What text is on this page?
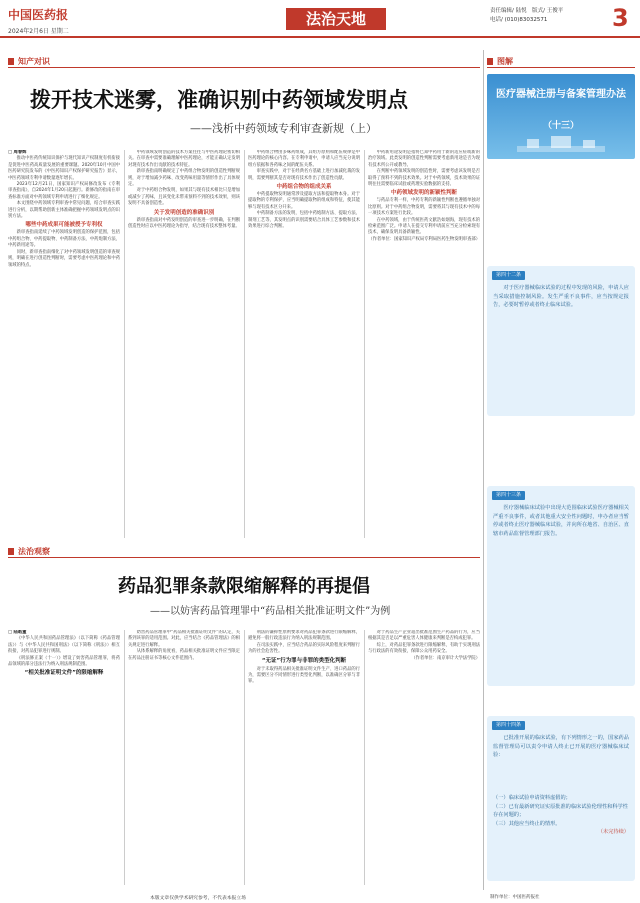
中国医药报
2024年2月6日 星期二
法治天地	责任编辑/ 陆悦　版式/ 王俊平
电话/ (010)83032571	3
知产对识
拨开技术迷雾，准确识别中药领域发明点
——浅析中药领域专利审查新规（上）

□ 周春辉

推动中医药传统知识保护与现代知识产权制度有机衔接是促进中医药高质量发展的重要课题。2020年10月中国中医药研究院发布的《中医药知识产权保护研究报告》显示，中医药领域专利申请数量逐年增长。

2023年12月21日，国家知识产权局修改发布《专利审查指南》，自2024年1月20日起施行。新修改的指南在审查标准方面对中药领域专利申请进行了细化规定。

本文围绕中药领域专利审查中常见问题，结合审查实践进行分析，以期帮助创新主体准确把握中药领域发明点的识别方法。

哪些中药成果可能被授予专利权

新审查指南延续了中药领域发明创造的保护范围，包括中药组合物、中药提取物、中药制备方法、中药炮制方法、中药新用途等。

同时，新审查指南细化了对中药领域发明创造的审查规则，明确在进行创造性判断时，需要考虑中医药理论和中药领域的特点。

中药领域发明创造的技术方案往往与中医药理论密切相关。在审查中需要准确理解中医药理论，才能正确认定发明对现有技术作出贡献的技术特征。

新审查指南明确规定了中药组合物发明的创造性判断规则，对于增加减少药味、改变药味用量等情形作出了具体规定。

对于中药组合物发明，如果其与现有技术相比只是增加或减少了药味，且该变化未带来预料不到的技术效果，则该发明不具备创造性。

关于发明创造的准确识别

新审查指南对中药发明创造的审查进一步明确，在判断创造性时应以中医药理论为指导，结合现有技术整体考量。

中药组合物由多味药组成，其组方原则和配伍规律是中医药理论的核心内容。在专利申请中，申请人应当充分说明组方依据和各药味之间的配伍关系。

审查实践中，对于在经典名方基础上进行加减化裁的发明，需要判断其是否对现有技术作出了创造性贡献。

中药组合物的组成关系

中药提取物发明通常涉及提取方法和提取物本身。对于提取物的专利保护，应当明确提取物的组成和特征，使其能够与现有技术区分开来。

中药制备方法的发明，包括中药炮制方法、提取方法、制剂工艺等，其发明点的识别需要结合具体工艺参数和技术效果进行综合判断。

中药新用途发明是指将已知中药用于新的适应症或新的治疗领域。此类发明的创造性判断需要考虑新用途是否为现有技术所公开或教导。

在判断中药领域发明的创造性时，需要考虑该发明是否取得了预料不到的技术效果。对于中药领域，技术效果的证明往往需要临床试验或药理实验数据的支持。

中药领域发明的新颖性判断

与药品专利一样，中药专利的新颖性判断也遵循单独对比原则。对于中药组合物发明，需要将其与现有技术中的每一项技术方案进行比较。

在中药领域，由于传统医药文献浩如烟海，现有技术的检索范围广泛。申请人在提交专利申请前应当充分检索现有技术，确保发明具备新颖性。

（作者单位：国家知识产权局专利局医药生物发明审查部）

法治观察
药品犯罪条款限缩解释的再提倡
——以妨害药品管理罪中“药品相关批准证明文件”为例

□ 陆皓董

《中华人民共和国药品管理法》（以下简称《药品管理法》）与《中华人民共和国刑法》（以下简称《刑法》）相互衔接，对药品犯罪进行规制。

《刑法修正案（十一）》增设了妨害药品管理罪，将药品领域的部分违法行为纳入刑法规制范围。

“相关批准证明文件”的限缩解释

妨害药品管理罪中“药品相关批准证明文件”的认定，关系到该罪的适用范围。对此，应当结合《药品管理法》的相关规定进行解释。

从体系解释的角度看，药品相关批准证明文件应当限定在药品注册证书等核心文件范围内。

刑法的谦抑性原则要求对药品犯罪条款进行限缩解释，避免将一般行政违法行为纳入刑法规制范围。

在司法实践中，应当结合药品的实际风险程度来判断行为的社会危害性。

“无证”行为罪与非罪的类型化判断

对于未取得药品相关批准证明文件生产、进口药品的行为，需要区分不同情形进行类型化判断，以准确区分罪与非罪。

对于药品生产企业超出批准范围生产药品的行为，应当根据其是否足以严重危害人体健康来判断是否构成犯罪。

综上，对药品犯罪条款进行限缩解释，有助于实现刑法与行政法的有效衔接，保障公众用药安全。

（作者单位：南京审计大学法学院）

图解
医疗器械注册与备案管理办法
（十三）
第四十二条
对于医疗器械临床试验的过程中发现的风险，申请人应当采取措施控制风险。发生严重不良事件，应当按规定报告，必要时暂停或者终止临床试验。
第四十三条
医疗器械临床试验中出现大范围临床试验医疗器械相关严重不良事件，或者其他重大安全性问题时，申办者应当暂停或者终止医疗器械临床试验，并向所在地省、自治区、直辖市药品监督管理部门报告。
第四十四条
已批准开展的临床试验，有下列情形之一的，国家药品监督管理局可以责令申请人终止已开展的医疗器械临床试验：
（一）临床试验申请资料虚假的；
（二）已有最新研究证实原批准的临床试验伦理性和科学性存在问题的；
（三）其他应当终止的情形。
（未完待续）
本版文章仅供学术研究参考，不代表本报立场	制作单位：中国医药报社
